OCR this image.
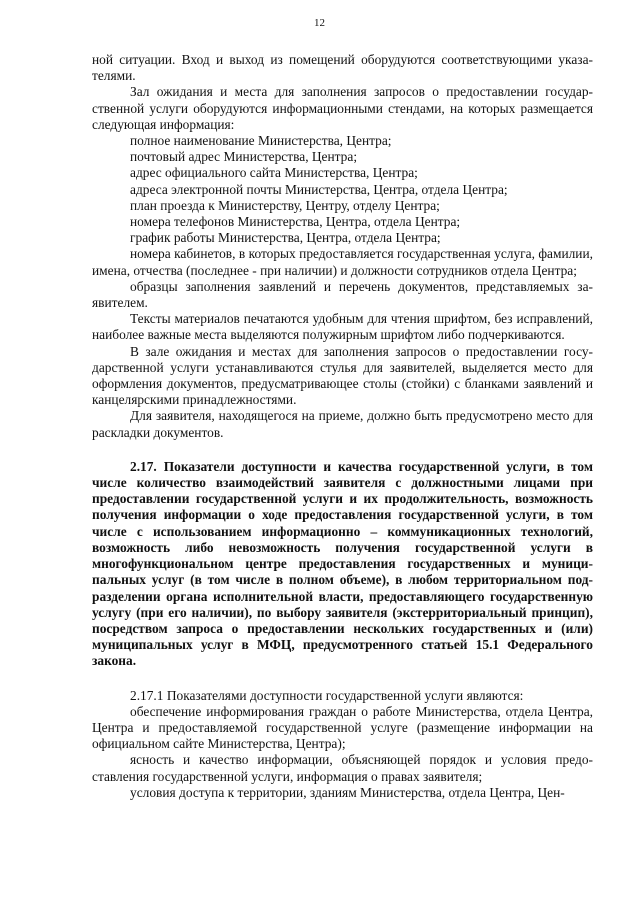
12

ной ситуации. Вход и выход из помещений оборудуются соответствующими указателями.

Зал ожидания и места для заполнения запросов о предоставлении государственной услуги оборудуются информационными стендами, на которых размещается следующая информация:

полное наименование Министерства, Центра;

почтовый адрес Министерства, Центра;

адрес официального сайта Министерства, Центра;

адреса электронной почты Министерства, Центра, отдела Центра;

план проезда к Министерству, Центру, отделу Центра;

номера телефонов Министерства, Центра, отдела Центра;

график работы Министерства, Центра, отдела Центра;

номера кабинетов, в которых предоставляется государственная услуга, фамилии, имена, отчества (последнее - при наличии) и должности сотрудников отдела Центра;

образцы заполнения заявлений и перечень документов, представляемых заявителем.

Тексты материалов печатаются удобным для чтения шрифтом, без исправлений, наиболее важные места выделяются полужирным шрифтом либо подчеркиваются.

В зале ожидания и местах для заполнения запросов о предоставлении государственной услуги устанавливаются стулья для заявителей, выделяется место для оформления документов, предусматривающее столы (стойки) с бланками заявлений и канцелярскими принадлежностями.

Для заявителя, находящегося на приеме, должно быть предусмотрено место для раскладки документов.

2.17. Показатели доступности и качества государственной услуги, в том числе количество взаимодействий заявителя с должностными лицами при предоставлении государственной услуги и их продолжительность, возможность получения информации о ходе предоставления государственной услуги, в том числе с использованием информационно – коммуникационных технологий, возможность либо невозможность получения государственной услуги в многофункциональном центре предоставления государственных и муниципальных услуг (в том числе в полном объеме), в любом территориальном подразделении органа исполнительной власти, предоставляющего государственную услугу (при его наличии), по выбору заявителя (экстерриториальный принцип), посредством запроса о предоставлении нескольких государственных и (или) муниципальных услуг в МФЦ, предусмотренного статьей 15.1 Федерального закона.

2.17.1 Показателями доступности государственной услуги являются:

обеспечение информирования граждан о работе Министерства, отдела Центра, Центра и предоставляемой государственной услуге (размещение информации на официальном сайте Министерства, Центра);

ясность и качество информации, объясняющей порядок и условия предоставления государственной услуги, информация о правах заявителя;

условия доступа к территории, зданиям Министерства, отдела Центра, Цен-
